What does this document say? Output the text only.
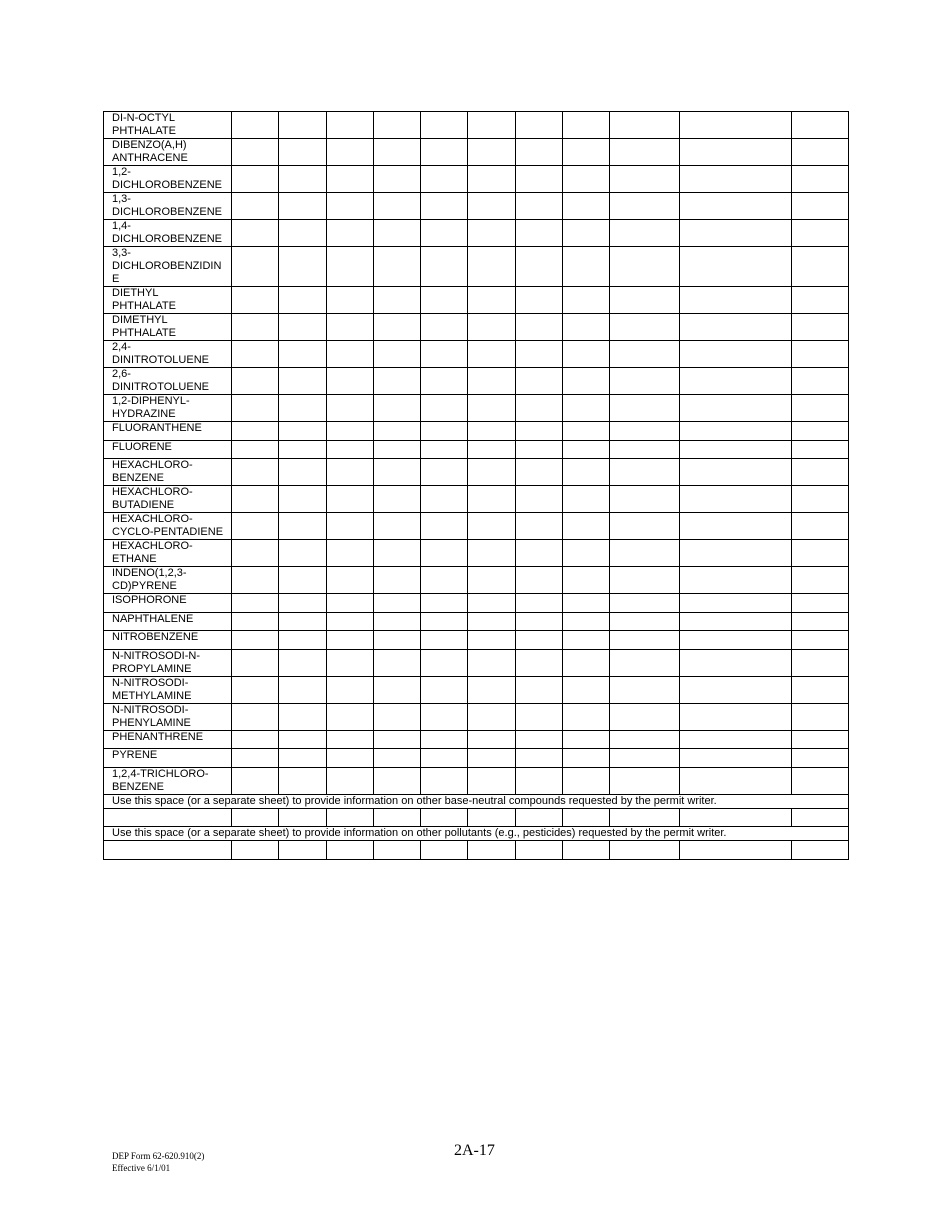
DI-N-OCTYL
PHTHALATE											

DIBENZO(A,H)
ANTHRACENE											

1,2-
DICHLOROBENZENE											

1,3-
DICHLOROBENZENE											

1,4-
DICHLOROBENZENE											

3,3-
DICHLOROBENZIDIN
E											

DIETHYL
PHTHALATE											

DIMETHYL
PHTHALATE											

2,4-
DINITROTOLUENE											

2,6-
DINITROTOLUENE											

1,2-DIPHENYL-
HYDRAZINE											

FLUORANTHENE											

FLUORENE											

HEXACHLORO-
BENZENE											

HEXACHLORO-
BUTADIENE											

HEXACHLORO-
CYCLO-PENTADIENE											

HEXACHLORO-
ETHANE											

INDENO(1,2,3-
CD)PYRENE											

ISOPHORONE											

NAPHTHALENE											

NITROBENZENE											

N-NITROSODI-N-
PROPYLAMINE											

N-NITROSODI-
METHYLAMINE											

N-NITROSODI-
PHENYLAMINE											

PHENANTHRENE											

PYRENE											

1,2,4-TRICHLORO-
BENZENE											

Use this space (or a separate sheet) to provide information on other base-neutral compounds requested by the permit writer.											

Use this space (or a separate sheet) to provide information on other pollutants (e.g., pesticides) requested by the permit writer.											

DEP Form 62-620.910(2)
Effective 6/1/01
2A-17
